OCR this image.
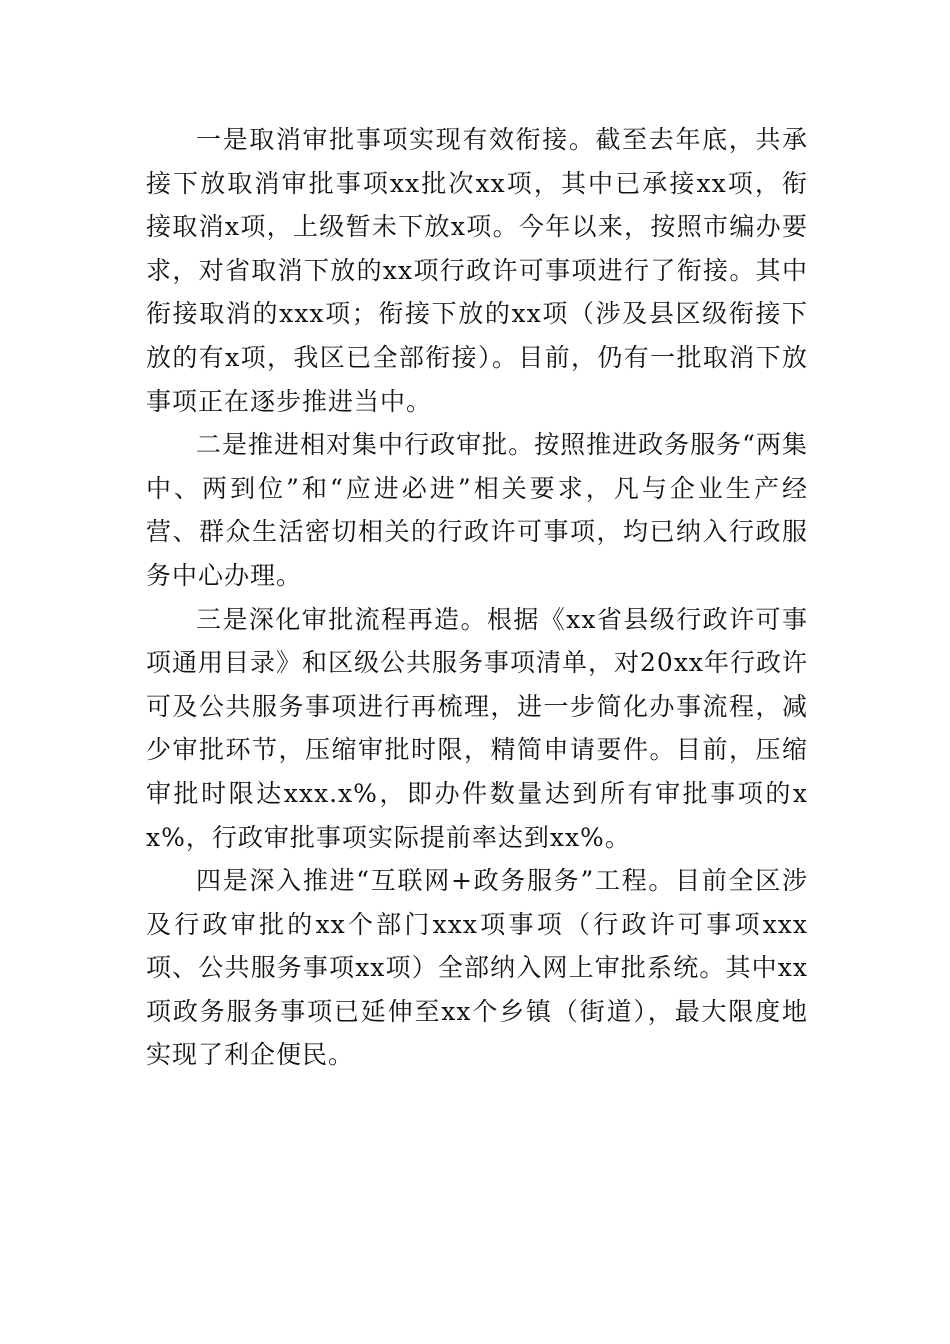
一是取消审批事项实现有效衔接。截至去年底，共承接下放取消审批事项xx批次xx项，其中已承接xx项，衔接取消x项，上级暂未下放x项。今年以来，按照市编办要求，对省取消下放的xx项行政许可事项进行了衔接。其中衔接取消的xxx项；衔接下放的xx项（涉及县区级衔接下放的有x项，我区已全部衔接）。目前，仍有一批取消下放事项正在逐步推进当中。

二是推进相对集中行政审批。按照推进政务服务“两集中、两到位”和“应进必进”相关要求，凡与企业生产经营、群众生活密切相关的行政许可事项，均已纳入行政服务中心办理。

三是深化审批流程再造。根据《xx省县级行政许可事项通用目录》和区级公共服务事项清单，对20xx年行政许可及公共服务事项进行再梳理，进一步简化办事流程，减少审批环节，压缩审批时限，精简申请要件。目前，压缩审批时限达xxx.x%，即办件数量达到所有审批事项的xx%，行政审批事项实际提前率达到xx%。

四是深入推进“互联网+政务服务”工程。目前全区涉及行政审批的xx个部门xxx项事项（行政许可事项xxx项、公共服务事项xx项）全部纳入网上审批系统。其中xx项政务服务事项已延伸至xx个乡镇（街道），最大限度地实现了利企便民。
